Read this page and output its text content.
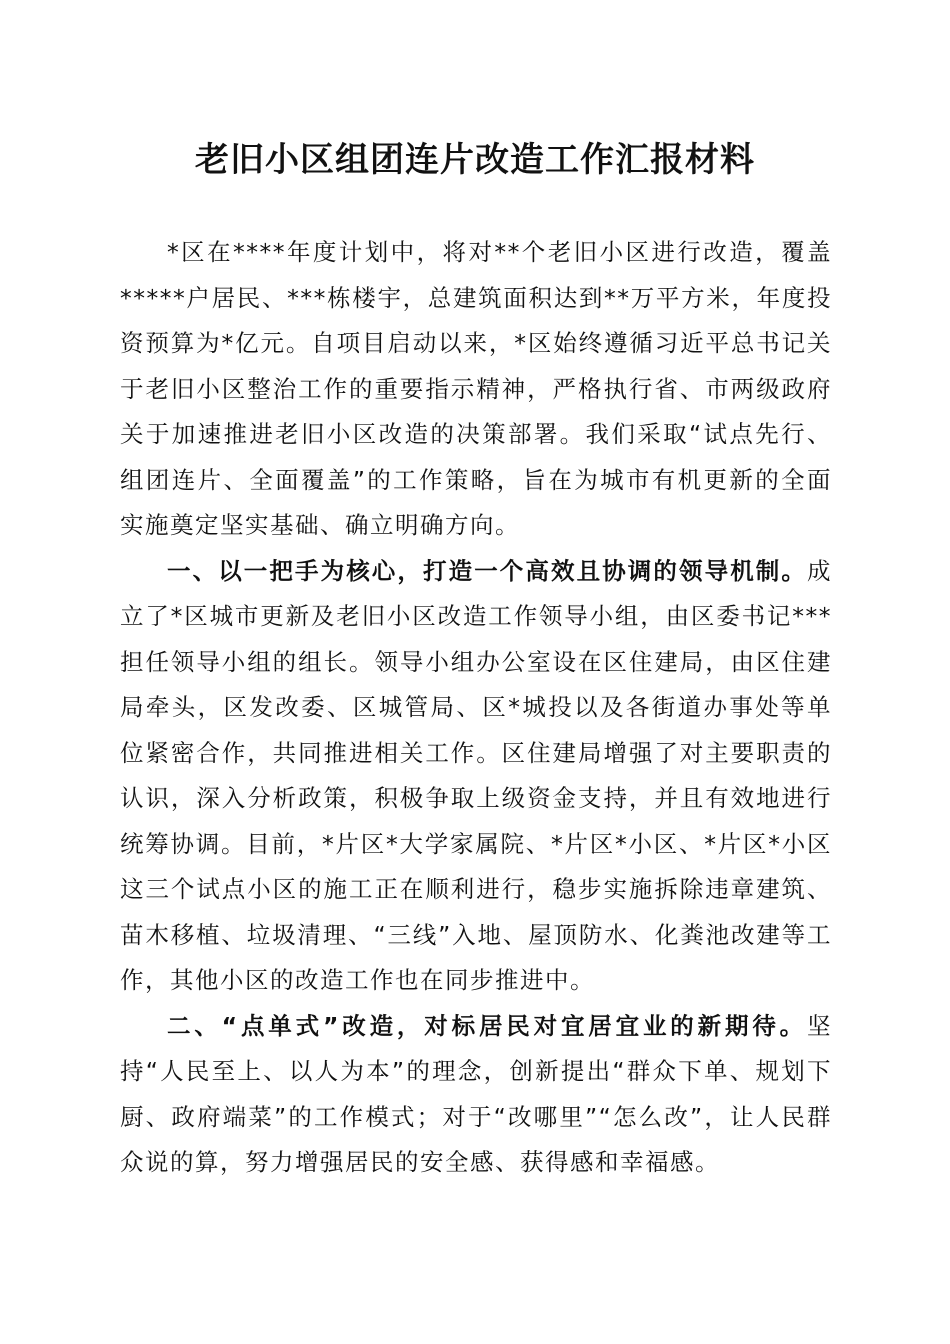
老旧小区组团连片改造工作汇报材料

*区在****年度计划中，将对**个老旧小区进行改造，覆盖*****户居民、***栋楼宇，总建筑面积达到**万平方米，年度投资预算为*亿元。自项目启动以来，*区始终遵循习近平总书记关于老旧小区整治工作的重要指示精神，严格执行省、市两级政府关于加速推进老旧小区改造的决策部署。我们采取“试点先行、组团连片、全面覆盖”的工作策略，旨在为城市有机更新的全面实施奠定坚实基础、确立明确方向。

一、以一把手为核心，打造一个高效且协调的领导机制。成立了*区城市更新及老旧小区改造工作领导小组，由区委书记***担任领导小组的组长。领导小组办公室设在区住建局，由区住建局牵头，区发改委、区城管局、区*城投以及各街道办事处等单位紧密合作，共同推进相关工作。区住建局增强了对主要职责的认识，深入分析政策，积极争取上级资金支持，并且有效地进行统筹协调。目前，*片区*大学家属院、*片区*小区、*片区*小区这三个试点小区的施工正在顺利进行，稳步实施拆除违章建筑、苗木移植、垃圾清理、“三线”入地、屋顶防水、化粪池改建等工作，其他小区的改造工作也在同步推进中。

二、“点单式”改造，对标居民对宜居宜业的新期待。坚持“人民至上、以人为本”的理念，创新提出“群众下单、规划下厨、政府端菜”的工作模式；对于“改哪里”“怎么改”，让人民群众说的算，努力增强居民的安全感、获得感和幸福感。
